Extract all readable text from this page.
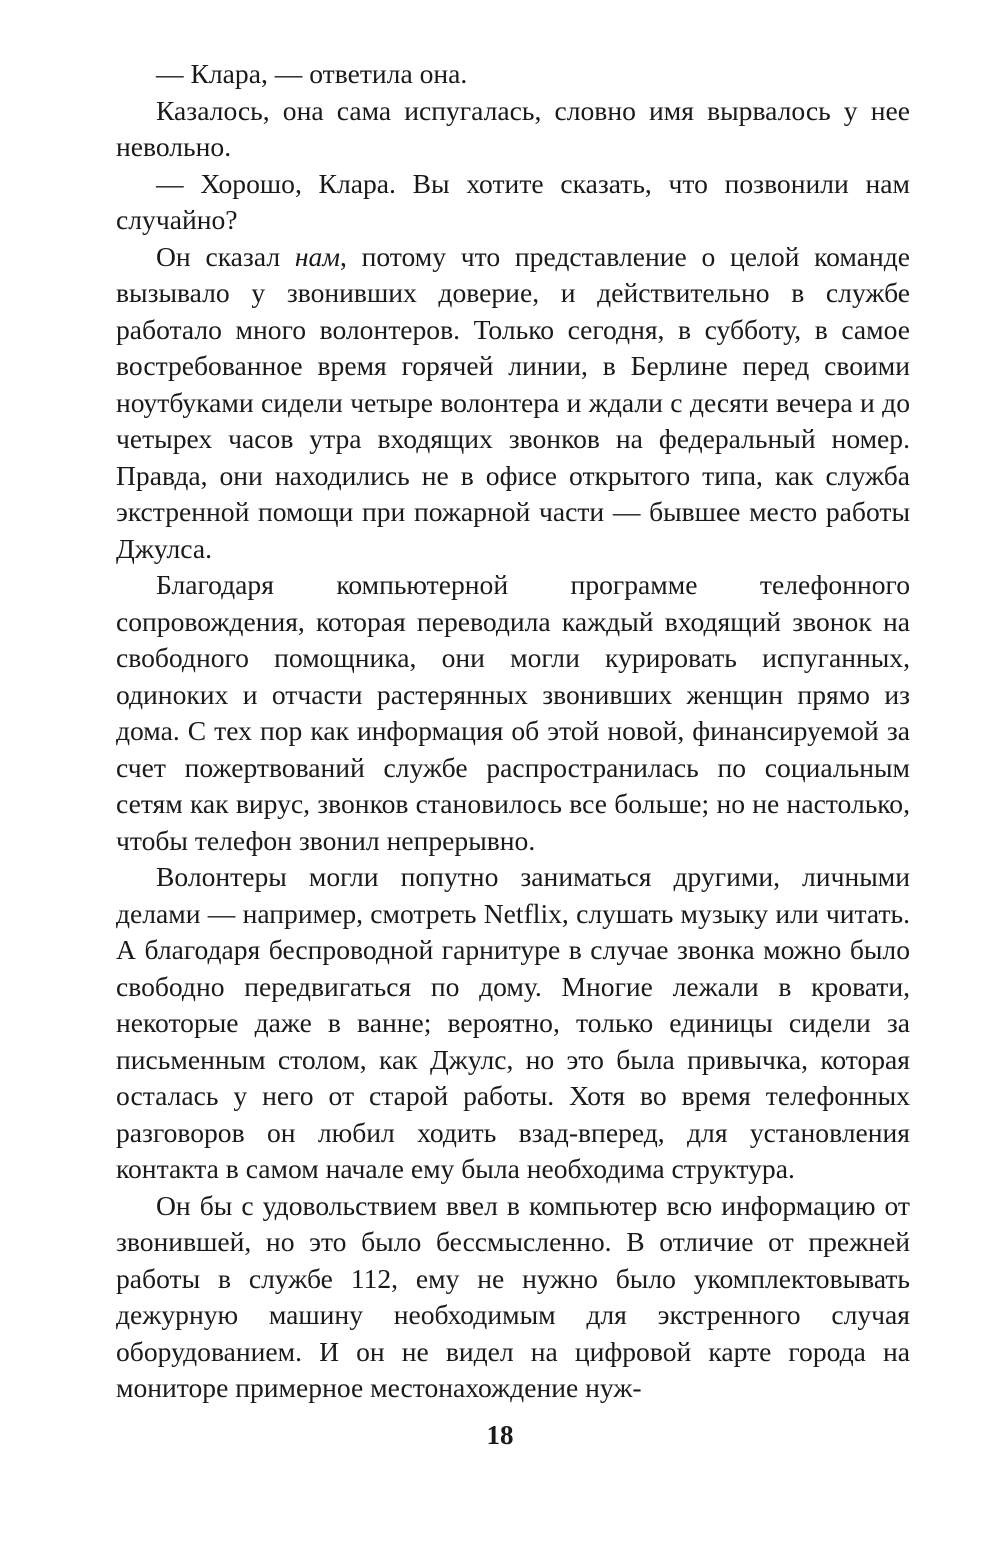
— Клара, — ответила она.

Казалось, она сама испугалась, словно имя вырвалось у нее невольно.

— Хорошо, Клара. Вы хотите сказать, что позвонили нам случайно?

Он сказал нам, потому что представление о целой команде вызывало у звонивших доверие, и действительно в службе работало много волонтеров. Только сегодня, в субботу, в самое востребованное время горячей линии, в Берлине перед своими ноутбуками сидели четыре волонтера и ждали с десяти вечера и до четырех часов утра входящих звонков на федеральный номер. Правда, они находились не в офисе открытого типа, как служба экстренной помощи при пожарной части — бывшее место работы Джулса.

Благодаря компьютерной программе телефонного сопровождения, которая переводила каждый входящий звонок на свободного помощника, они могли курировать испуганных, одиноких и отчасти растерянных звонивших женщин прямо из дома. С тех пор как информация об этой новой, финансируемой за счет пожертвований службе распространилась по социальным сетям как вирус, звонков становилось все больше; но не настолько, чтобы телефон звонил непрерывно.

Волонтеры могли попутно заниматься другими, личными делами — например, смотреть Netflix, слушать музыку или читать. А благодаря беспроводной гарнитуре в случае звонка можно было свободно передвигаться по дому. Многие лежали в кровати, некоторые даже в ванне; вероятно, только единицы сидели за письменным столом, как Джулс, но это была привычка, которая осталась у него от старой работы. Хотя во время телефонных разговоров он любил ходить взад-вперед, для установления контакта в самом начале ему была необходима структура.

Он бы с удовольствием ввел в компьютер всю информацию от звонившей, но это было бессмысленно. В отличие от прежней работы в службе 112, ему не нужно было укомплектовывать дежурную машину необходимым для экстренного случая оборудованием. И он не видел на цифровой карте города на мониторе примерное местонахождение нуж-

18
